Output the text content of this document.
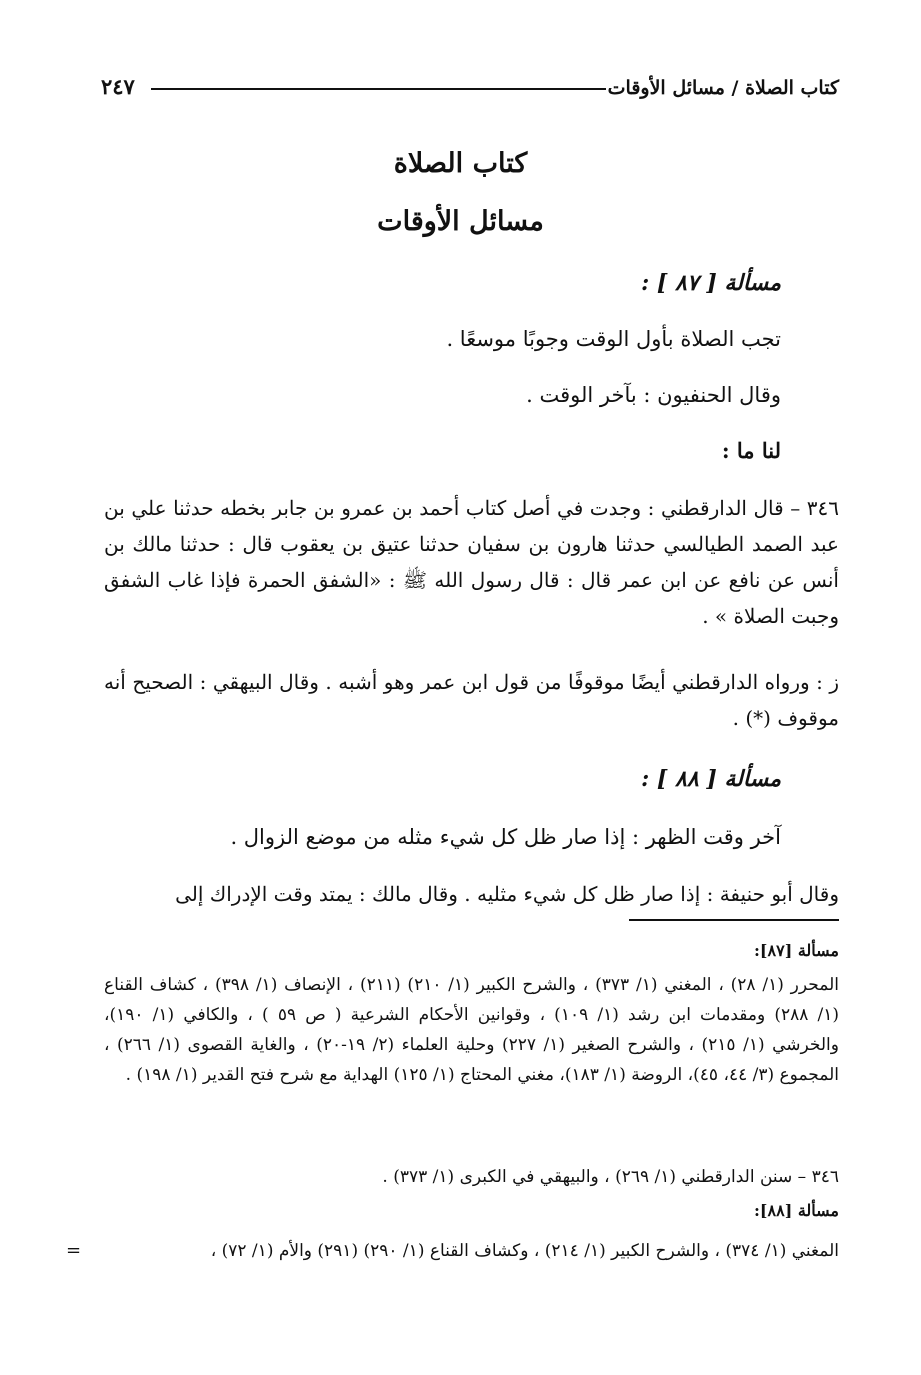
كتاب الصلاة / مسائل الأوقات
٢٤٧
كتاب الصلاة
مسائل الأوقات
مسألة [ ٨٧ ] :
تجب الصلاة بأول الوقت وجوبًا موسعًا .
وقال الحنفيون : بآخر الوقت .
لنا ما :
٣٤٦ – قال الدارقطني : وجدت في أصل كتاب أحمد بن عمرو بن جابر بخطه حدثنا علي بن عبد الصمد الطيالسي حدثنا هارون بن سفيان حدثنا عتيق بن يعقوب قال : حدثنا مالك بن أنس عن نافع عن ابن عمر قال : قال رسول الله ﷺ : «الشفق الحمرة فإذا غاب الشفق وجبت الصلاة » .
ز : ورواه الدارقطني أيضًا موقوفًا من قول ابن عمر وهو أشبه . وقال البيهقي : الصحيح أنه موقوف (*) .
مسألة [ ٨٨ ] :
آخر وقت الظهر : إذا صار ظل كل شيء مثله من موضع الزوال .
وقال أبو حنيفة : إذا صار ظل كل شيء مثليه . وقال مالك : يمتد وقت الإدراك إلى
مسألة [٨٧]:
المحرر (١/ ٢٨) ، المغني (١/ ٣٧٣) ، والشرح الكبير (١/ ٢١٠) (٢١١) ، الإنصاف (١/ ٣٩٨) ، كشاف القناع (١/ ٢٨٨) ومقدمات ابن رشد (١/ ١٠٩) ، وقوانين الأحكام الشرعية ( ص ٥٩ ) ، والكافي (١/ ١٩٠)، والخرشي (١/ ٢١٥) ، والشرح الصغير (١/ ٢٢٧) وحلية العلماء (٢/ ١٩-٢٠) ، والغاية القصوى (١/ ٢٦٦) ، المجموع (٣/ ٤٤، ٤٥)، الروضة (١/ ١٨٣)، مغني المحتاج (١/ ١٢٥) الهداية مع شرح فتح القدير (١/ ١٩٨) .
٣٤٦ – سنن الدارقطني (١/ ٢٦٩) ، والبيهقي في الكبرى (١/ ٣٧٣) .
مسألة [٨٨]:
المغني (١/ ٣٧٤) ، والشرح الكبير (١/ ٢١٤) ، وكشاف القناع (١/ ٢٩٠) (٢٩١) والأم (١/ ٧٢) ،
=
